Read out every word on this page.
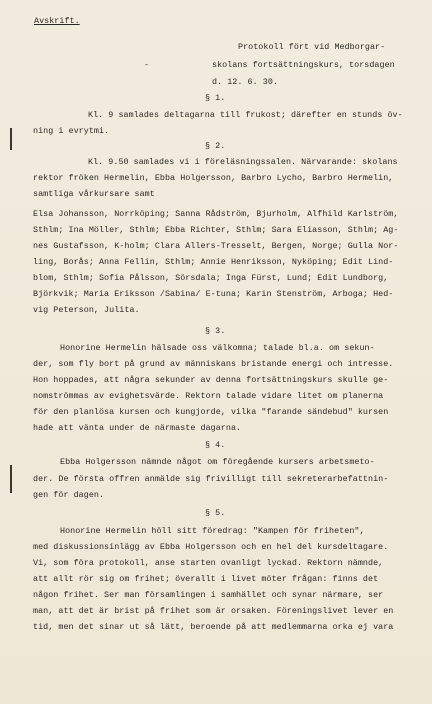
Avskrift.
Protokoll fört vid Medborgar-
skolans fortsättningskurs, torsdagen
d. 12. 6. 30.
-
§ 1.
Kl. 9 samlades deltagarna till frukost; därefter en stunds öv-
ning i evrytmi.
§ 2.
Kl. 9.50 samlades vi i föreläsningssalen. Närvarande: skolans
rektor fröken Hermelin, Ebba Holgersson, Barbro Lycho, Barbro Hermelin,
samtliga vårkursare samt
Elsa Johansson, Norrköping; Sanna Rådström, Bjurholm, Alfhild Karlström,
Sthlm; Ina Möller, Sthlm; Ebba Richter, Sthlm; Sara Eliasson, Sthlm; Ag-
nes Gustafsson, K-holm; Clara Allers-Tresselt, Bergen, Norge; Gulla Nor-
ling, Borås; Anna Fellin, Sthlm; Annie Henriksson, Nyköping; Edit Lind-
blom, Sthlm; Sofia Pålsson, Sörsdala; Inga Fürst, Lund; Edit Lundborg,
Björkvik; Maria Eriksson /Sabina/ E-tuna; Karin Stenström, Arboga; Hed-
vig Peterson, Julita.
§ 3.
Honorine Hermelin hälsade oss välkomna; talade bl.a. om sekun-
der, som fly bort på grund av människans bristande energi och intresse.
Hon hoppades, att några sekunder av denna fortsättningskurs skulle ge-
nomströmmas av evighetsvärde. Rektorn talade vidare litet om planerna
för den planlösa kursen och kungjorde, vilka "farande sändebud" kursen
hade att vänta under de närmaste dagarna.
§ 4.
Ebba Holgersson nämnde något om föregående kursers arbetsmeto-
der. De första offren anmälde sig frivilligt till sekreterarbefattnin-
gen för dagen.
§ 5.
Honorine Hermelin höll sitt föredrag: "Kampen för friheten",
med diskussionsinlägg av Ebba Holgersson och en hel del kursdeltagare.
Vi, som föra protokoll, anse starten ovanligt lyckad. Rektorn nämnde,
att allt rör sig om frihet; överallt i livet möter frågan: finns det
någon frihet. Ser man församlingen i samhället och synar närmare, ser
man, att det är brist på frihet som är orsaken. Föreningslivet lever en
tid, men det sinar ut så lätt, beroende på att medlemmarna orka ej vara
